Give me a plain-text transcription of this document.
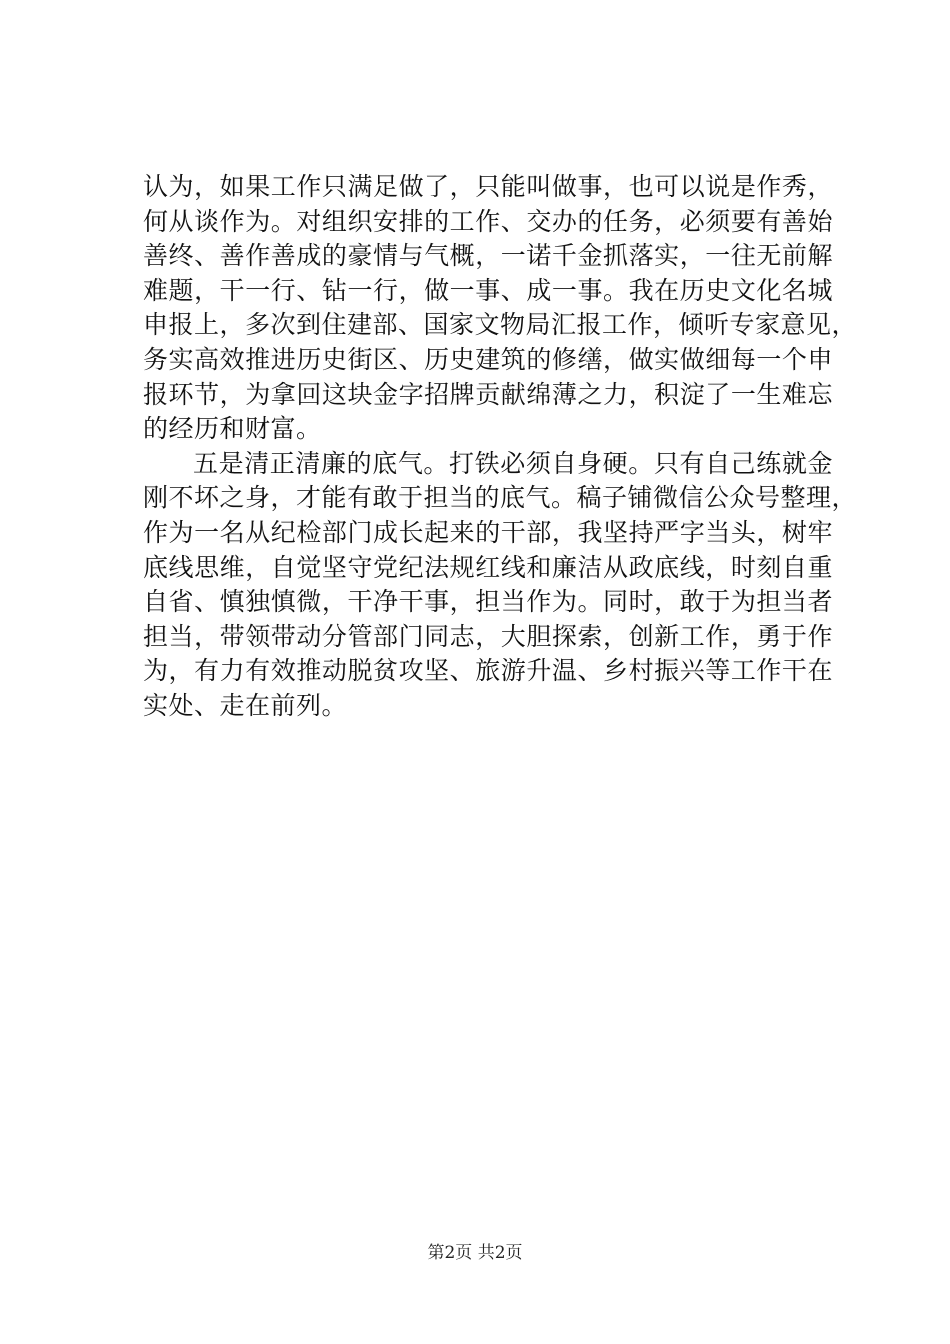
认为，如果工作只满足做了，只能叫做事，也可以说是作秀，
何从谈作为。对组织安排的工作、交办的任务，必须要有善始
善终、善作善成的豪情与气概，一诺千金抓落实，一往无前解
难题，干一行、钻一行，做一事、成一事。我在历史文化名城
申报上，多次到住建部、国家文物局汇报工作，倾听专家意见，
务实高效推进历史街区、历史建筑的修缮，做实做细每一个申
报环节，为拿回这块金字招牌贡献绵薄之力，积淀了一生难忘
的经历和财富。
五是清正清廉的底气。打铁必须自身硬。只有自己练就金
刚不坏之身，才能有敢于担当的底气。稿子铺微信公众号整理，
作为一名从纪检部门成长起来的干部，我坚持严字当头，树牢
底线思维，自觉坚守党纪法规红线和廉洁从政底线，时刻自重
自省、慎独慎微，干净干事，担当作为。同时，敢于为担当者
担当，带领带动分管部门同志，大胆探索，创新工作，勇于作
为，有力有效推动脱贫攻坚、旅游升温、乡村振兴等工作干在
实处、走在前列。
第2页 共2页
